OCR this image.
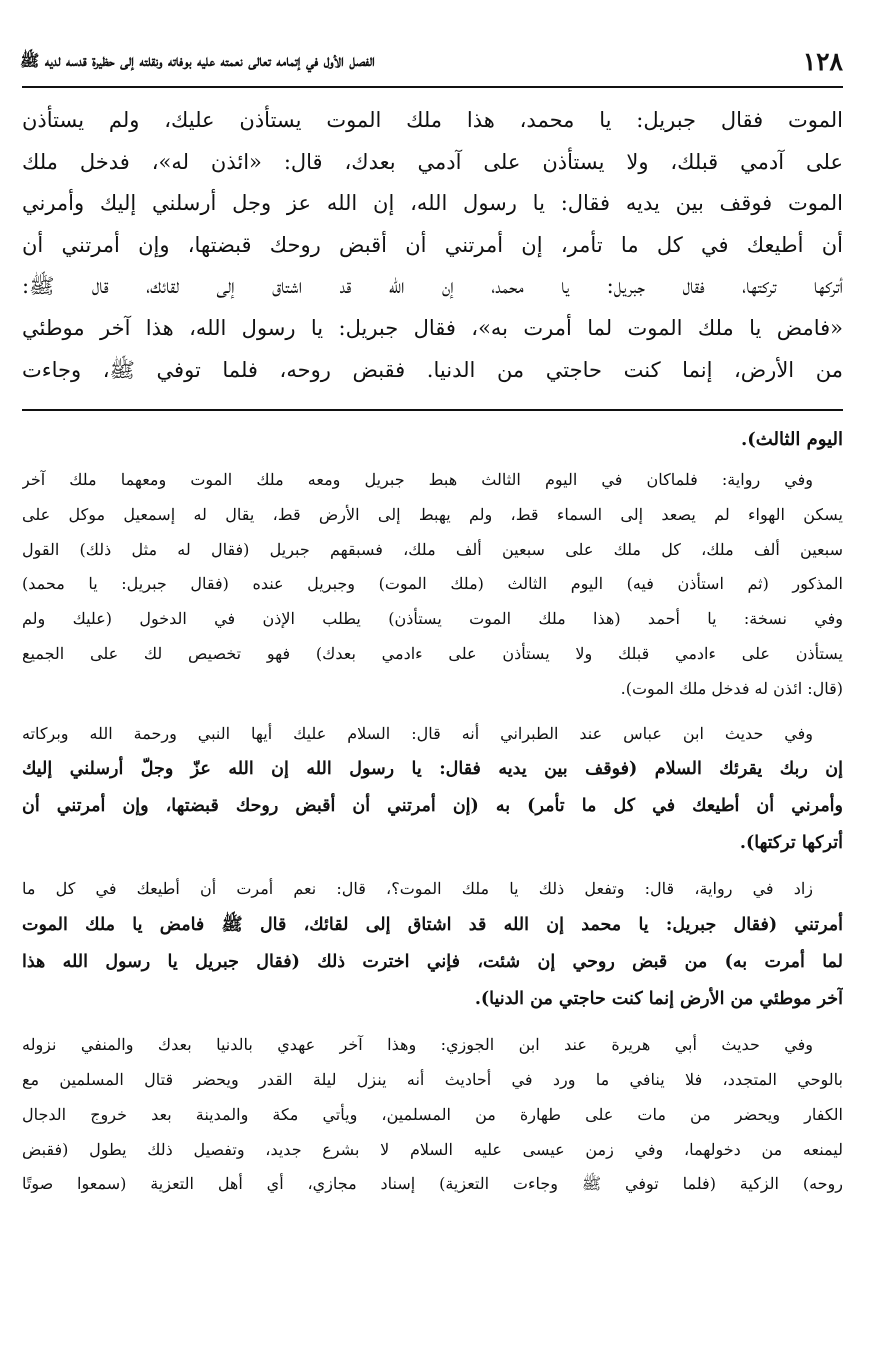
١٢٨
الفصل الأول في إتمامه تعالى نعمته عليه بوفاته ونقلته إلى حظيرة قدسه لديه ﷺ
الموت فقال جبريل: يا محمد، هذا ملك الموت يستأذن عليك، ولم يستأذن
على آدمي قبلك، ولا يستأذن على آدمي بعدك، قال: «ائذن له»، فدخل ملك
الموت فوقف بين يديه فقال: يا رسول الله، إن الله عز وجل أرسلني إليك وأمرني
أن أطيعك في كل ما تأمر، إن أمرتني أن أقبض روحك قبضتها، وإن أمرتني أن
أتركها تركتها، فقال جبريل: يا محمد، إن الله قد اشتاق إلى لقائك، قال ﷺ:
«فامض يا ملك الموت لما أمرت به»، فقال جبريل: يا رسول الله، هذا آخر موطئي
من الأرض، إنما كنت حاجتي من الدنيا. فقبض روحه، فلما توفي ﷺ، وجاءت
اليوم الثالث).
وفي رواية: فلماكان في اليوم الثالث هبط جبريل ومعه ملك الموت ومعهما ملك آخر
يسكن الهواء لم يصعد إلى السماء قط، ولم يهبط إلى الأرض قط، يقال له إسمعيل موكل على
سبعين ألف ملك، كل ملك على سبعين ألف ملك، فسبقهم جبريل (فقال له مثل ذلك) القول
المذكور (ثم استأذن فيه) اليوم الثالث (ملك الموت) وجبريل عنده (فقال جبريل: يا محمد)
وفي نسخة: يا أحمد (هذا ملك الموت يستأذن) يطلب الإذن في الدخول (عليك ولم
يستأذن على ءادمي قبلك ولا يستأذن على ءادمي بعدك) فهو تخصيص لك على الجميع
(قال: ائذن له فدخل ملك الموت).
وفي حديث ابن عباس عند الطبراني أنه قال: السلام عليك أيها النبي ورحمة الله وبركاته
إن ربك يقرئك السلام (فوقف بين يديه فقال: يا رسول الله إن الله عزّ وجلّ أرسلني إليك
وأمرني أن أطيعك في كل ما تأمر) به (إن أمرتني أن أقبض روحك قبضتها، وإن أمرتني أن
أتركها تركتها).
زاد في رواية، قال: وتفعل ذلك يا ملك الموت؟، قال: نعم أمرت أن أطيعك في كل ما
أمرتني (فقال جبريل: يا محمد إن الله قد اشتاق إلى لقائك، قال ﷺ فامض يا ملك الموت
لما أمرت به) من قبض روحي إن شئت، فإني اخترت ذلك (فقال جبريل يا رسول الله هذا
آخر موطئي من الأرض إنما كنت حاجتي من الدنيا).
وفي حديث أبي هريرة عند ابن الجوزي: وهذا آخر عهدي بالدنيا بعدك والمنفي نزوله
بالوحي المتجدد، فلا ينافي ما ورد في أحاديث أنه ينزل ليلة القدر ويحضر قتال المسلمين مع
الكفار ويحضر من مات على طهارة من المسلمين، ويأتي مكة والمدينة بعد خروج الدجال
ليمنعه من دخولهما، وفي زمن عيسى عليه السلام لا بشرع جديد، وتفصيل ذلك يطول (فقبض
روحه) الزكية (فلما توفي ﷺ وجاءت التعزية) إسناد مجازي، أي أهل التعزية (سمعوا صوتًا
